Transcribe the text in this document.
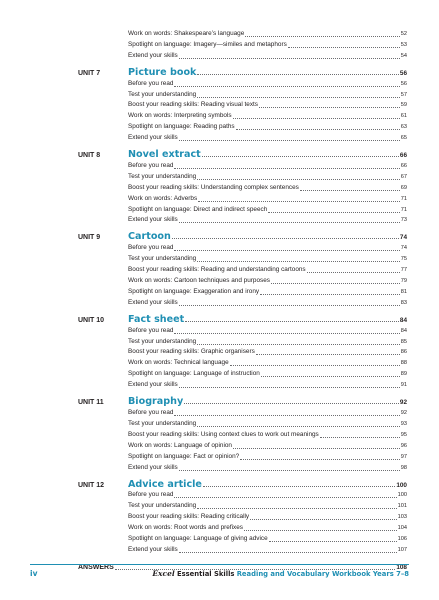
Work on words: Shakespeare’s language	52
Spotlight on language: Imagery—similes and metaphors	53
Extend your skills	54
UNIT 7	Picture book	56
Before you read	56
Test your understanding	57
Boost your reading skills: Reading visual texts	59
Work on words: Interpreting symbols	61
Spotlight on language: Reading paths	63
Extend your skills	65
UNIT 8	Novel extract	66
Before you read	66
Test your understanding	67
Boost your reading skills: Understanding complex sentences	69
Work on words: Adverbs	71
Spotlight on language: Direct and indirect speech	71
Extend your skills	73
UNIT 9	Cartoon	74
Before you read	74
Test your understanding	75
Boost your reading skills: Reading and understanding cartoons	77
Work on words: Cartoon techniques and purposes	79
Spotlight on language: Exaggeration and irony	81
Extend your skills	83
UNIT 10	Fact sheet	84
Before you read	84
Test your understanding	85
Boost your reading skills: Graphic organisers	86
Work on words: Technical language	88
Spotlight on language: Language of instruction	89
Extend your skills	91
UNIT 11	Biography	92
Before you read	92
Test your understanding	93
Boost your reading skills: Using context clues to work out meanings	95
Work on words: Language of opinion	96
Spotlight on language: Fact or opinion?	97
Extend your skills	98
UNIT 12	Advice article	100
Before you read	100
Test your understanding	101
Boost your reading skills: Reading critically	103
Work on words: Root words and prefixes	104
Spotlight on language: Language of giving advice	106
Extend your skills	107
ANSWERS	108
iv	Excel Essential Skills Reading and Vocabulary Workbook Years 7–8
